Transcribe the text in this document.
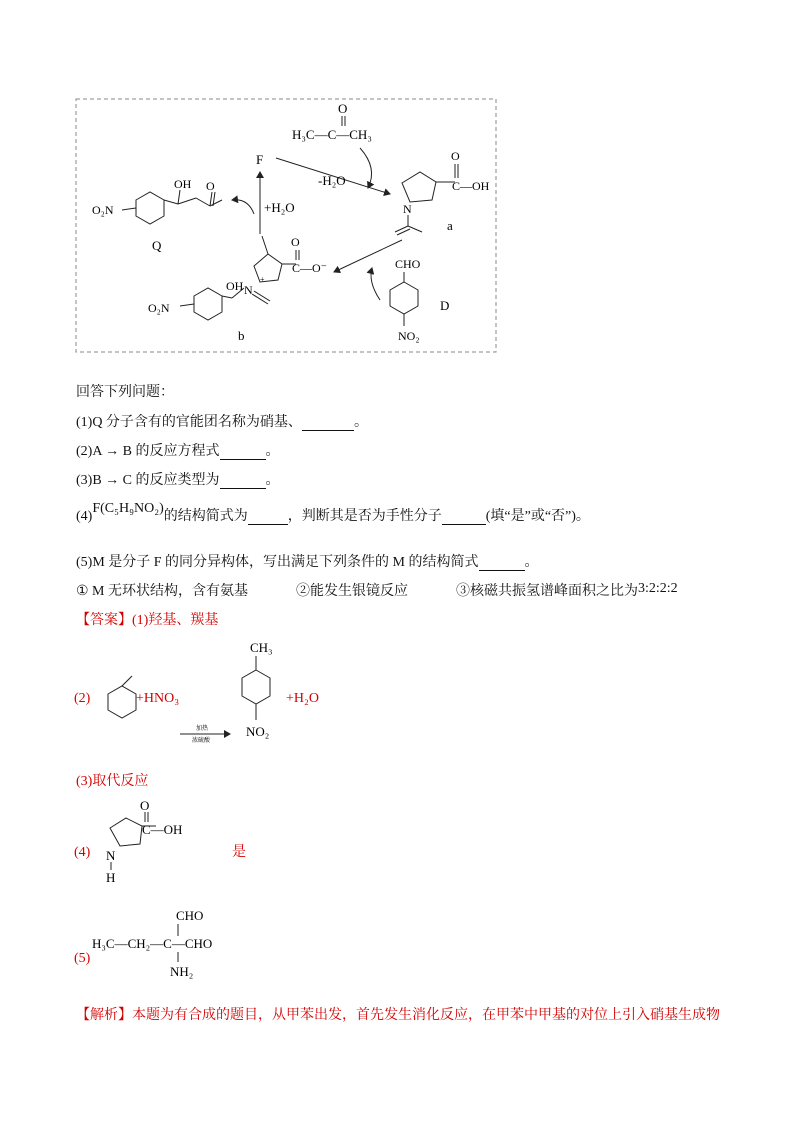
O
H₃C—C—CH₃
F
-H₂O
O
C—OH
N
a
CHO
NO₂
D
O
C—O⁻
N
+
OH
O₂N
b
+H₂O
O₂N
OH O
Q
回答下列问题：
(1)Q 分子含有的官能团名称为硝基、	。
(2)A → B 的反应方程式	。
(3)B → C 的反应类型为	。
(4)F(C₅H₉NO₂)的结构简式为	，判断其是否为手性分子	(填“是”或“否”)。
(5)M 是分子 F 的同分异构体，写出满足下列条件的 M 的结构简式	。
① M 无环状结构，含有氨基	②能发生银镜反应	③核磁共振氢谱峰面积之比为3:2:2:2
【答案】(1)羟基、羰基
(2)	+HNO₃
加热
浓硫酸
CH₃
NO₂
+H₂O
(3)取代反应
(4)
O
C—OH
N
H
是
(5)
CHO
H₃C—CH₂—C—CHO
NH₂
【解析】本题为有合成的题目，从甲苯出发，首先发生消化反应，在甲苯中甲基的对位上引入硝基生成物
